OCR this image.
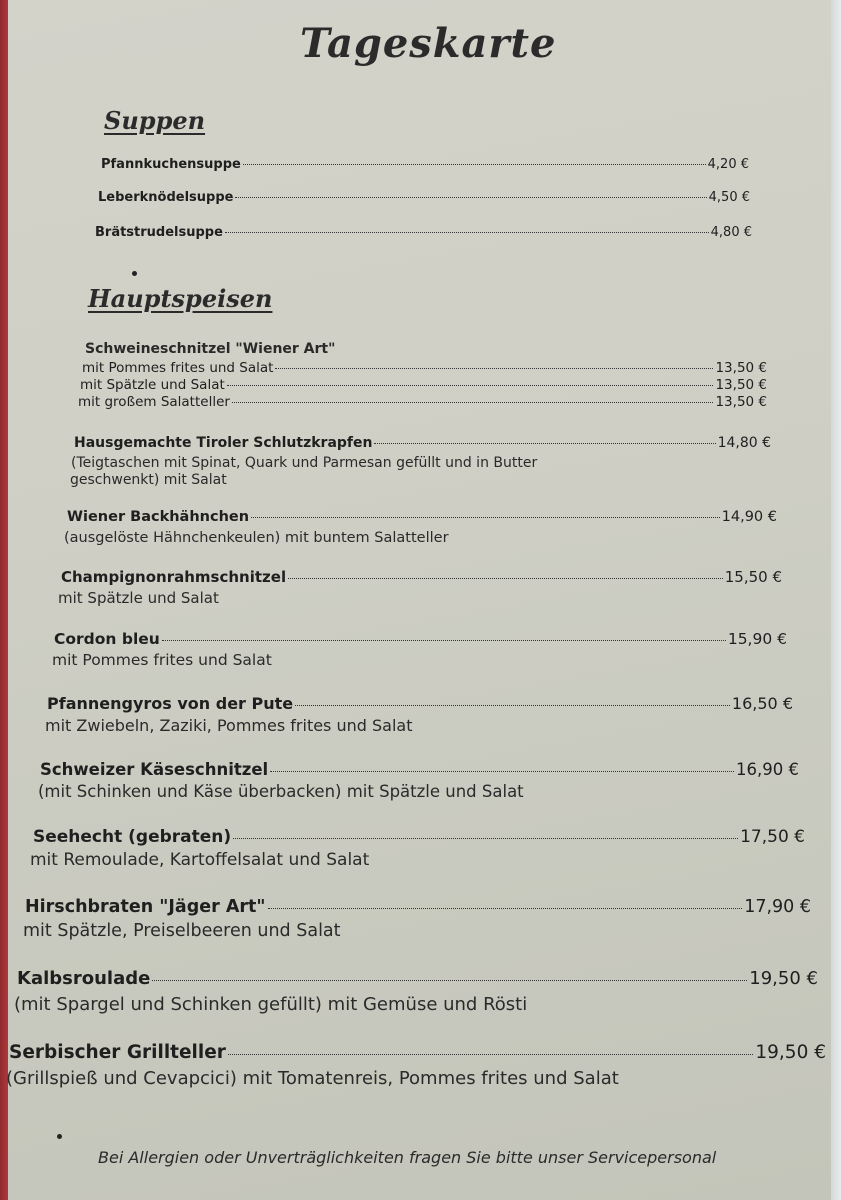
Tageskarte
Suppen
Pfannkuchensuppe	4,20 €
Leberknödelsuppe	4,50 €
Brätstrudelsuppe	4,80 €
Hauptspeisen
Schweineschnitzel "Wiener Art"
mit Pommes frites und Salat	13,50 €
mit Spätzle und Salat	13,50 €
mit großem Salatteller	13,50 €
Hausgemachte Tiroler Schlutzkrapfen	14,80 €
(Teigtaschen mit Spinat, Quark und Parmesan gefüllt und in Butter
geschwenkt) mit Salat
Wiener Backhähnchen	14,90 €
(ausgelöste Hähnchenkeulen) mit buntem Salatteller
Champignonrahmschnitzel	15,50 €
mit Spätzle und Salat
Cordon bleu	15,90 €
mit Pommes frites und Salat
Pfannengyros von der Pute	16,50 €
mit Zwiebeln, Zaziki, Pommes frites und Salat
Schweizer Käseschnitzel	16,90 €
(mit Schinken und Käse überbacken) mit Spätzle und Salat
Seehecht (gebraten)	17,50 €
mit Remoulade, Kartoffelsalat und Salat
Hirschbraten "Jäger Art"	17,90 €
mit Spätzle, Preiselbeeren und Salat
Kalbsroulade	19,50 €
(mit Spargel und Schinken gefüllt) mit Gemüse und Rösti
Serbischer Grillteller	19,50 €
(Grillspieß und Cevapcici) mit Tomatenreis, Pommes frites und Salat
Bei Allergien oder Unverträglichkeiten fragen Sie bitte unser Servicepersonal
